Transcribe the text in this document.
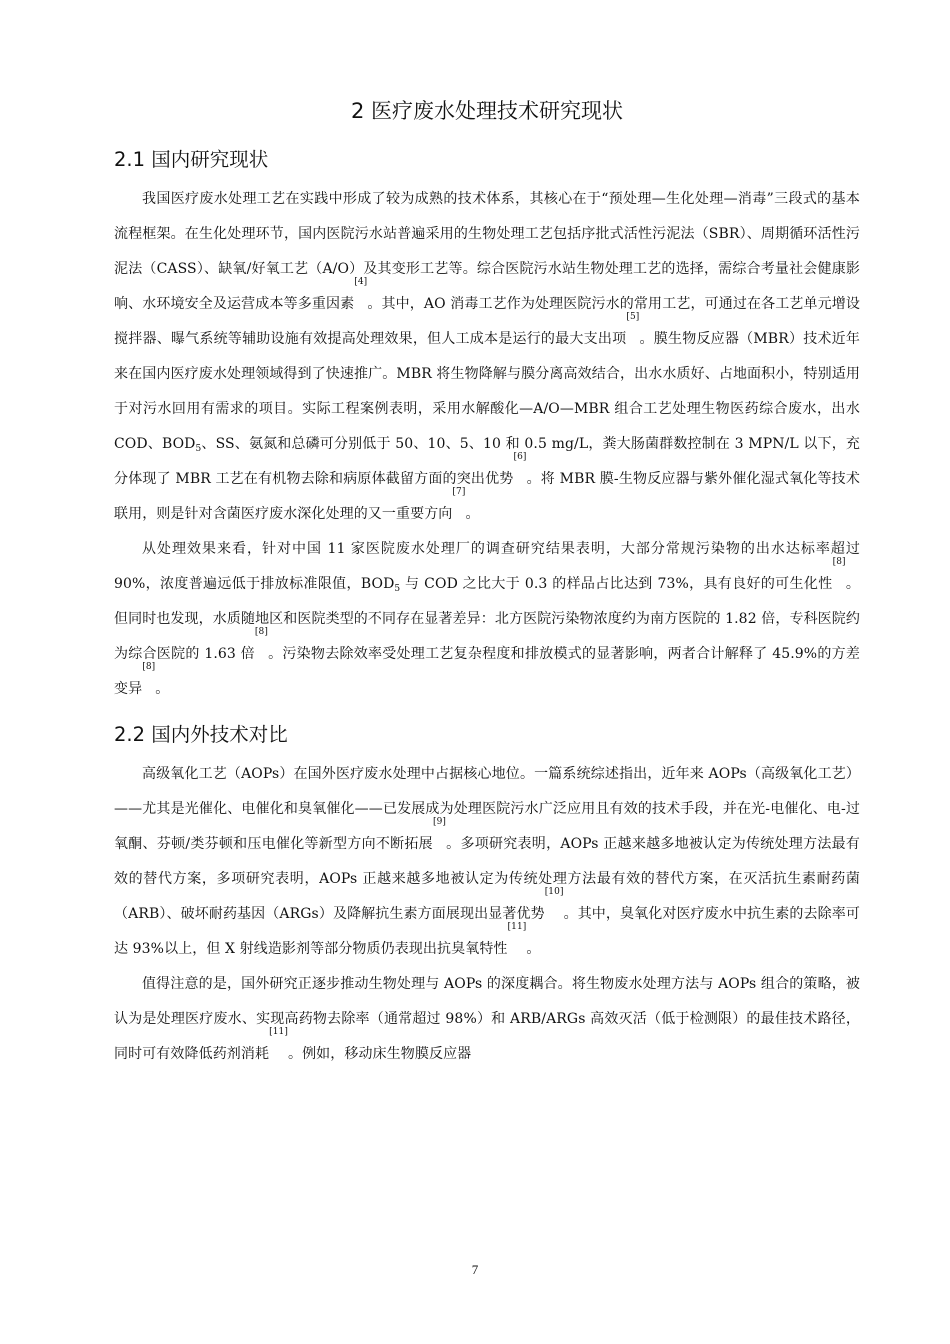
2 医疗废水处理技术研究现状
2.1 国内研究现状

我国医疗废水处理工艺在实践中形成了较为成熟的技术体系，其核心在于“预处理—生化处理—消毒”三段式的基本流程框架。在生化处理环节，国内医院污水站普遍采用的生物处理工艺包括序批式活性污泥法（SBR）、周期循环活性污泥法（CASS）、缺氧/好氧工艺（A/O）及其变形工艺等。综合医院污水站生物处理工艺的选择，需综合考量社会健康影响、水环境安全及运营成本等多重因素[4]。其中，AO 消毒工艺作为处理医院污水的常用工艺，可通过在各工艺单元增设搅拌器、曝气系统等辅助设施有效提高处理效果，但人工成本是运行的最大支出项[5]。膜生物反应器（MBR）技术近年来在国内医疗废水处理领域得到了快速推广。MBR 将生物降解与膜分离高效结合，出水水质好、占地面积小，特别适用于对污水回用有需求的项目。实际工程案例表明，采用水解酸化—A/O—MBR 组合工艺处理生物医药综合废水，出水 COD、$BOD_5$、SS、氨氮和总磷可分别低于 50、10、5、10 和 0.5 mg/L，粪大肠菌群数控制在 3 MPN/L 以下，充分体现了 MBR 工艺在有机物去除和病原体截留方面的突出优势[6]。将 MBR 膜-生物反应器与紫外催化湿式氧化等技术联用，则是针对含菌医疗废水深化处理的又一重要方向[7]。

从处理效果来看，针对中国 11 家医院废水处理厂的调查研究结果表明，大部分常规污染物的出水达标率超过 90%，浓度普遍远低于排放标准限值，$BOD_5$ 与 COD 之比大于 0.3 的样品占比达到 73%，具有良好的可生化性[8]。但同时也发现，水质随地区和医院类型的不同存在显著差异：北方医院污染物浓度约为南方医院的 1.82 倍，专科医院约为综合医院的 1.63 倍[8]。污染物去除效率受处理工艺复杂程度和排放模式的显著影响，两者合计解释了 45.9%的方差变异[8]。

2.2 国内外技术对比

高级氧化工艺（AOPs）在国外医疗废水处理中占据核心地位。一篇系统综述指出，近年来 AOPs（高级氧化工艺）——尤其是光催化、电催化和臭氧催化——已发展成为处理医院污水广泛应用且有效的技术手段，并在光-电催化、电-过氧酮、芬顿/类芬顿和压电催化等新型方向不断拓展[9]。多项研究表明，AOPs 正越来越多地被认定为传统处理方法最有效的替代方案，多项研究表明，AOPs 正越来越多地被认定为传统处理方法最有效的替代方案，在灭活抗生素耐药菌（ARB）、破坏耐药基因（ARGs）及降解抗生素方面展现出显著优势[10]。其中，臭氧化对医疗废水中抗生素的去除率可达 93%以上，但 X 射线造影剂等部分物质仍表现出抗臭氧特性[11]。

值得注意的是，国外研究正逐步推动生物处理与 AOPs 的深度耦合。将生物废水处理方法与 AOPs 组合的策略，被认为是处理医疗废水、实现高药物去除率（通常超过 98%）和 ARB/ARGs 高效灭活（低于检测限）的最佳技术路径，同时可有效降低药剂消耗[11]。例如，移动床生物膜反应器

7
